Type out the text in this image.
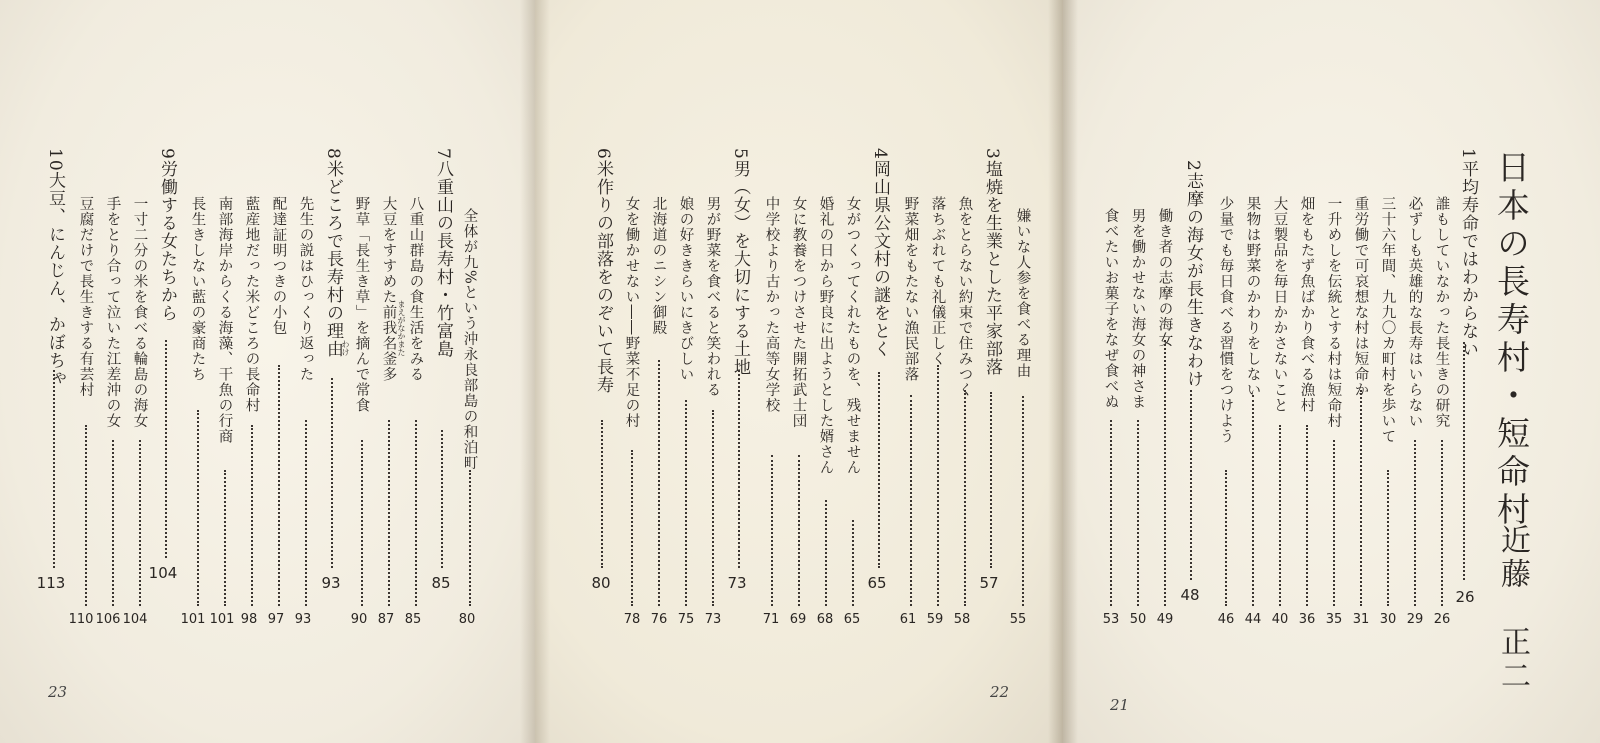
日本の長寿村・短命村
近藤　正二
1平均寿命ではわからない
26
誰もしていなかった長生きの研究
26
必ずしも英雄的な長寿はいらない
29
三十六年間、九九〇カ町村を歩いて
30
重労働で可哀想な村は短命か
31
一升めしを伝統とする村は短命村
35
畑をもたず魚ばかり食べる漁村
36
大豆製品を毎日かかさないこと
40
果物は野菜のかわりをしない
44
少量でも毎日食べる習慣をつけよう
46
2志摩の海女が長生きなわけ
48
働き者の志摩の海女
49
男を働かせない海女の神さま
50
食べたいお菓子をなぜ食べぬ
53
21
嫌いな人参を食べる理由
55
3塩焼を生業とした平家部落
57
魚をとらない約束で住みつく
58
落ちぶれても礼儀正しく
59
野菜畑をもたない漁民部落
61
4岡山県公文村の謎をとく
65
女がつくってくれたものを、残せません
65
婚礼の日から野良に出ようとした婿さん
68
女に教養をつけさせた開拓武士団
69
中学校より古かった高等女学校
71
5男（女）を大切にする土地
73
男が野菜を食べると笑われる
73
娘の好ききらいにきびしい
75
北海道のニシン御殿
76
女を働かせない――野菜不足の村
78
6米作りの部落をのぞいて長寿
80
22
全体が九%という沖永良部島の和泊町
80
7八重山の長寿村・竹富島
85
八重山群島の食生活をみる
85
まえがなかまた
大豆をすすめた前我名釜多
87
野草「長生き草」を摘んで常食
90
わけ
8米どころで長寿村の理由
93
先生の説はひっくり返った
93
配達証明つきの小包
97
藍産地だった米どころの長命村
98
南部海岸からくる海藻、干魚の行商
101
長生きしない藍の豪商たち
101
9労働する女たちから
104
一寸二分の米を食べる輪島の海女
104
手をとり合って泣いた江差沖の女
106
豆腐だけで長生きする有芸村
110
10大豆、にんじん、かぼちゃ
113
23
